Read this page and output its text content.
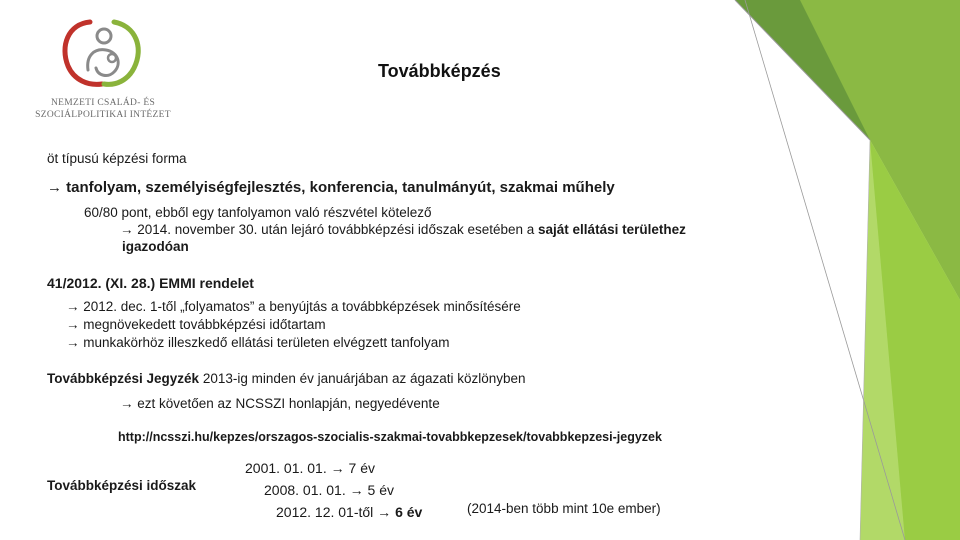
NEMZETI CSALÁD- ÉS
SZOCIÁLPOLITIKAI INTÉZET
Továbbképzés
öt típusú képzési forma
→ tanfolyam, személyiségfejlesztés, konferencia, tanulmányút, szakmai műhely
60/80 pont, ebből egy tanfolyamon való részvétel kötelező
→ 2014. november 30. után lejáró továbbképzési időszak esetében a saját ellátási területhez
igazodóan
41/2012. (XI. 28.) EMMI rendelet
→ 2012. dec. 1-től „folyamatos” a benyújtás a továbbképzések minősítésére
→ megnövekedett továbbképzési időtartam
→ munkakörhöz illeszkedő ellátási területen elvégzett tanfolyam
Továbbképzési Jegyzék 2013-ig minden év januárjában az ágazati közlönyben
→ ezt követően az NCSSZI honlapján, negyedévente
http://ncsszi.hu/kepzes/orszagos-szocialis-szakmai-tovabbkepzesek/tovabbkepzesi-jegyzek
Továbbképzési időszak
2001. 01. 01. → 7 év
2008. 01. 01. → 5 év
2012. 12. 01-től → 6 év	(2014-ben több mint 10e ember)
